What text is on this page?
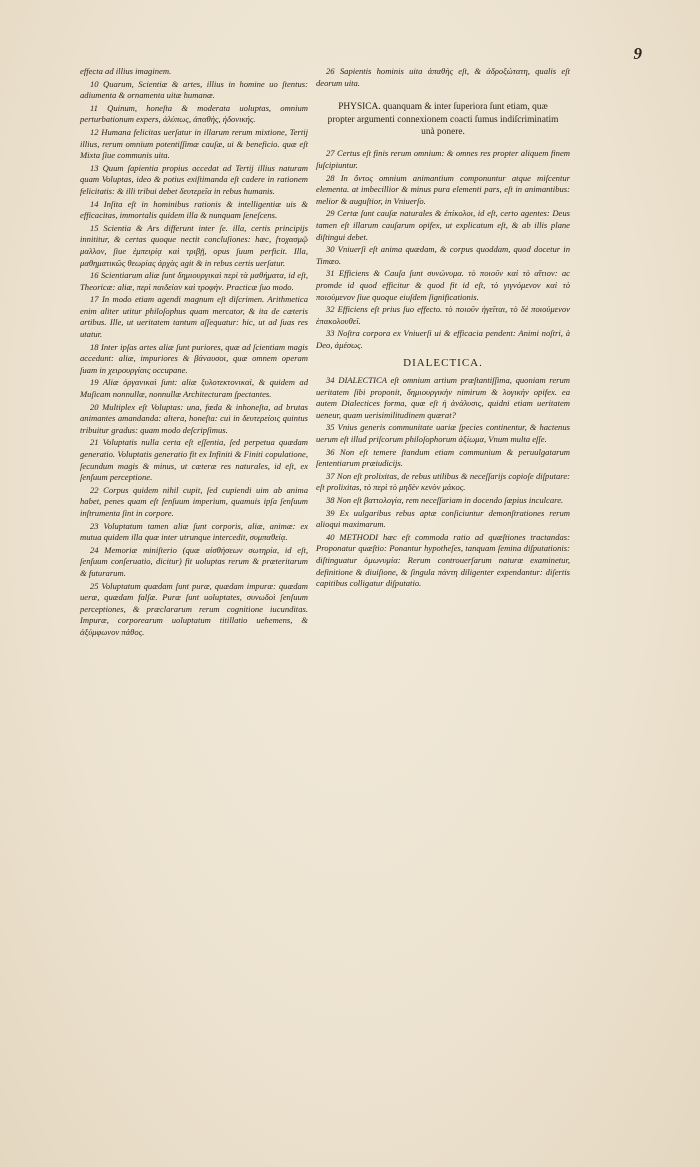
9

effecta ad illius imaginem.

10 Quarum, Scientiæ & artes, illius in homine uo ſtentus: adiumenta & ornamenta uitæ humanæ.

11 Quinum, honeſta & moderata uoluptas, omnium perturbationum expers, ἀλύπως, ἀπαθὴς, ἡδονικής.

12 Humana felicitas uerſatur in illarum rerum mixtione, Tertij illius, rerum omnium potentiſſimæ cauſæ, ui & beneficio. quæ eſt Mixta ſiue communis uita.

13 Quum ſapientia propius accedat ad Tertij illius naturam quam Voluptas, ideo & potius exiſtimanda eſt cadere in rationem felicitatis: & illi tribui debet δευτερεῖα in rebus humanis.

14 Inſita eſt in hominibus rationis & intelligentiæ uis & efficacitas, immortalis quidem illa & nunquam ſeneſcens.

15 Scientia & Ars differunt inter ſe. illa, certis principijs innititur, & certas quoque nectit concluſiones: hæc, ſτοχασμῷ μαλλον, ſiue ἐμπειρίᾳ καὶ τριβῇ, opus ſuum perficit. Illa, μαθηματικῶς θεωρίας ἀρχὰς agit & in rebus certis uerſatur.

16 Scientiarum aliæ ſunt δημιουργικαὶ περὶ τὰ μαθήματα, id eſt, Theoricæ: aliæ, περὶ παιδείαν καὶ τροφὴν. Practicæ ſuo modo.

17 In modo etiam agendi magnum eſt diſcrimen. Arithmetica enim aliter utitur philoſophus quam mercator, & ita de cæteris artibus. Ille, ut ueritatem tantum aſſequatur: hic, ut ad ſuas res utatur.

18 Inter ipſas artes aliæ ſunt puriores, quæ ad ſcientiam magis accedunt: aliæ, impuriores & βάναυσοι, quæ omnem operam ſuam in χειρουργίαις occupane.

19 Aliæ ὀργανικαὶ ſunt: aliæ ξυλοτεκτονικαὶ, & quidem ad Muſicam nonnullæ, nonnullæ Architecturam ſpectantes.

20 Multiplex eſt Voluptas: una, fœda & inhoneſta, ad brutas animantes amandanda: altera, honeſta: cui in δευτερείοις quintus tribuitur gradus: quam modo deſcripſimus.

21 Voluptatis nulla certa eſt eſſentia, ſed perpetua quædam generatio. Voluptatis generatio fit ex Infiniti & Finiti copulatione, ſecundum magis & minus, ut cæteræ res naturales, id eſt, ex ſenſuum perceptione.

22 Corpus quidem nihil cupit, ſed cupiendi uim ab anima habet, penes quam eſt ſenſuum imperium, quamuis ipſa ſenſuum inſtrumenta ſint in corpore.

23 Voluptatum tamen aliæ ſunt corporis, aliæ, animæ: ex mutua quidem illa quæ inter utrunque intercedit, συμπαθείᾳ.

24 Memoriæ miniſterio (quæ αἰσθήσεων σωτηρία, id eſt, ſenſuum conſeruatio, dicitur) fit uoluptas rerum & præteritarum & futurarum.

25 Voluptatum quædam ſunt puræ, quædam impuræ: quædam ueræ, quædam falſæ. Puræ ſunt uoluptates, συνωδοὶ ſenſuum perceptiones, & præclararum rerum cognitione iucunditas. Impuræ, corporearum uoluptatum titillatio uehemens, & ἀξύμφωνον πάθος.

26 Sapientis hominis uita ἀπαθὴς eſt, & ἀδροξώτατη, qualis eſt deorum uita.

PHYSICA. quanquam & inter ſuperiora ſunt etiam, quæ propter argumenti connexionem coacti ſumus indiſcriminatim unà ponere.

27 Certus eſt finis rerum omnium: & omnes res propter aliquem finem ſuſcipiuntur.

28 In ὄντος omnium animantium componuntur atque miſcentur elementa. at imbecillior & minus pura elementi pars, eſt in animantibus: melior & auguſtior, in Vniuerſo.

29 Certæ ſunt cauſæ naturales & ἐπίκολοι, id eſt, certo agentes: Deus tamen eſt illarum cauſarum opifex, ut explicatum eſt, & ab illis plane diſtingui debet.

30 Vniuerſi eſt anima quædam, & corpus quoddam, quod docetur in Timæo.

31 Efficiens & Cauſa ſunt συνώνυμα. τὸ ποιοῦν καὶ τὸ αἴτιον: ac promde id quod efficitur & quod fit id eſt, τὸ γιγνόμενον καὶ τὸ ποιούμενον ſiue quoque eiuſdem ſignificationis.

32 Efficiens eſt prius ſuo effecto. τὸ ποιοῦν ἡγεῖται, τὸ δὲ ποιούμενον ἑπακολουθεῖ.

33 Noſtra corpora ex Vniuerſi ui & efficacia pendent: Animi noſtri, à Deo, ἀμέσως.

DIALECTICA.

34 DIALECTICA eſt omnium artium præſtantiſſima, quoniam rerum ueritatem ſibi proponit, δημιουργικὴν nimirum & λογικὴν opifex. ea autem Dialectices forma, quæ eſt ἡ ἀνάλυσις, quidni etiam ueritatem ueneur, quam uerisimilitudinem quærat?

35 Vnius generis communitate uariæ ſpecies continentur, & hactenus uerum eſt illud priſcorum philoſophorum ἀξίωμα, Vnum multa eſſe.

36 Non eſt temere ſtandum etiam communium & peruulgatarum ſententiarum præiudicijs.

37 Non eſt prolixitas, de rebus utilibus & neceſſarijs copioſe diſputare: eſt prolixitas, τὸ περὶ τὸ μηδὲν κενὸν μάκος.

38 Non eſt βαττολογία, rem neceſſariam in docendo ſæpius inculcare.

39 Ex uulgaribus rebus aptæ conſiciuntur demonſtrationes rerum alioqui maximarum.

40 METHODI hæc eſt commoda ratio ad quæſtiones tractandas: Proponatur quæſtio: Ponantur hypotheſes, tanquam ſemina diſputationis: diſtinguatur ὁμωνυμία: Rerum controuerſarum naturæ examinetur, definitione & diuiſione, & ſingula πάντη diligenter expendantur: diſertis capitibus colligatur diſputatio.
